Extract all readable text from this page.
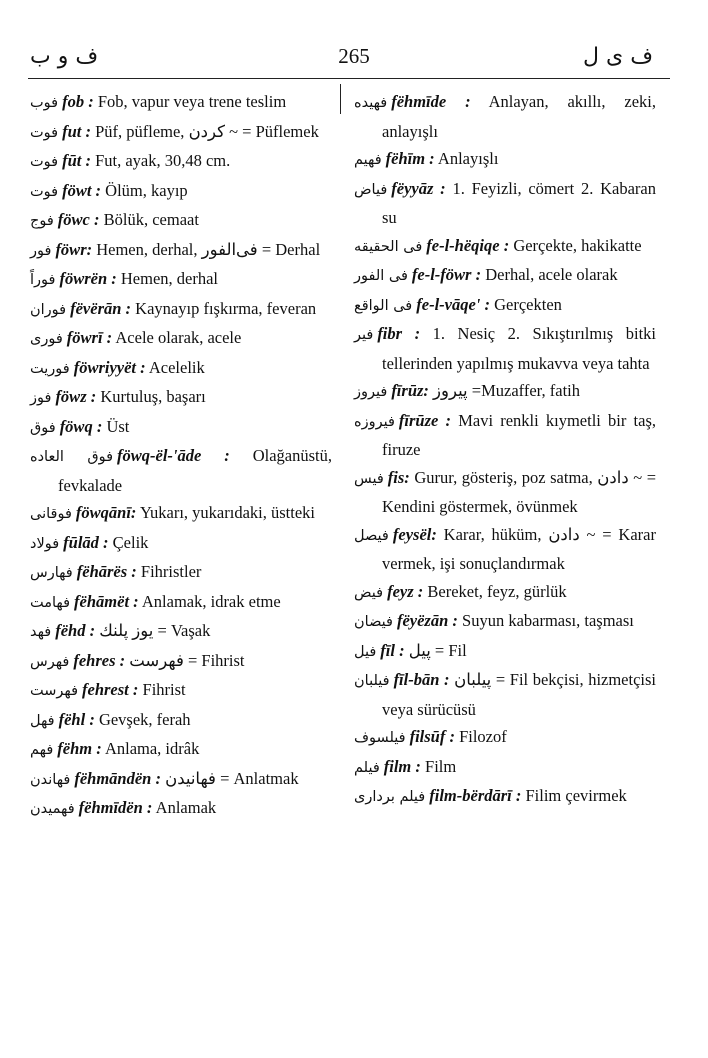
ف و ب	265	ف ى ل
فوب fob : Fob, vapur veya trene teslim
فوت fut : Püf, püfleme, کردن ~ = Püflemek
فوت fūt : Fut, ayak, 30,48 cm.
فوت föwt : Ölüm, kayıp
فوج föwc : Bölük, cemaat
فور föwr: Hemen, derhal, فى‌الفور = Derhal
فوراً föwrën : Hemen, derhal
فوران fëvërān : Kaynayıp fışkırma, feveran
فورى föwrī : Acele olarak, acele
فوريت föwriyyët : Acelelik
فوز föwz : Kurtuluş, başarı
فوق föwq : Üst
فوق العاده föwq-ël-'āde : Olağanüstü, fevkalade
فوقانى föwqānī: Yukarı, yukarıdaki, üstteki
فولاد fūlād : Çelik
فهارس fëhārës : Fihristler
فهامت fëhāmët : Anlamak, idrak etme
فهد fëhd : يوز پلنك = Vaşak
فهرس fehres : فهرست = Fihrist
فهرست fehrest : Fihrist
فهل fëhl : Gevşek, ferah
فهم fëhm : Anlama, idrâk
فهاندن fëhmāndën : فهانيدن = Anlatmak
فهميدن fëhmīdën : Anlamak
فهيده fëhmīde : Anlayan, akıllı, zeki, anlayışlı
فهيم fëhīm : Anlayışlı
فياض fëyyāz : 1. Feyizli, cömert 2. Kabaran su
فى الحقيقه fe-l-hëqiqe : Gerçekte, hakikatte
فى الفور fe-l-föwr : Derhal, acele olarak
فى الواقع fe-l-vāqe' : Gerçekten
فير fibr : 1. Nesiç 2. Sıkıştırılmış bitki tellerinden yapılmış mukavva veya tahta
فيروز fīrūz: پيروز =Muzaffer, fatih
فيروزه fīrūze : Mavi renkli kıymetli bir taş, firuze
فيس fis: Gurur, gösteriş, poz satma, دادن ~ = Kendini göstermek, övünmek
فيصل feysël: Karar, hüküm, دادن ~ = Karar vermek, işi sonuçlandırmak
فيض feyz : Bereket, feyz, gürlük
فيضان fëyëzān : Suyun kabarması, taşması
فيل fīl : پيل = Fil
فيلبان fīl-bān : پيلبان = Fil bekçisi, hizmetçisi veya sürücüsü
فيلسوف filsūf : Filozof
فيلم film : Film
فيلم بردارى film-bërdārī : Filim çevirmek
